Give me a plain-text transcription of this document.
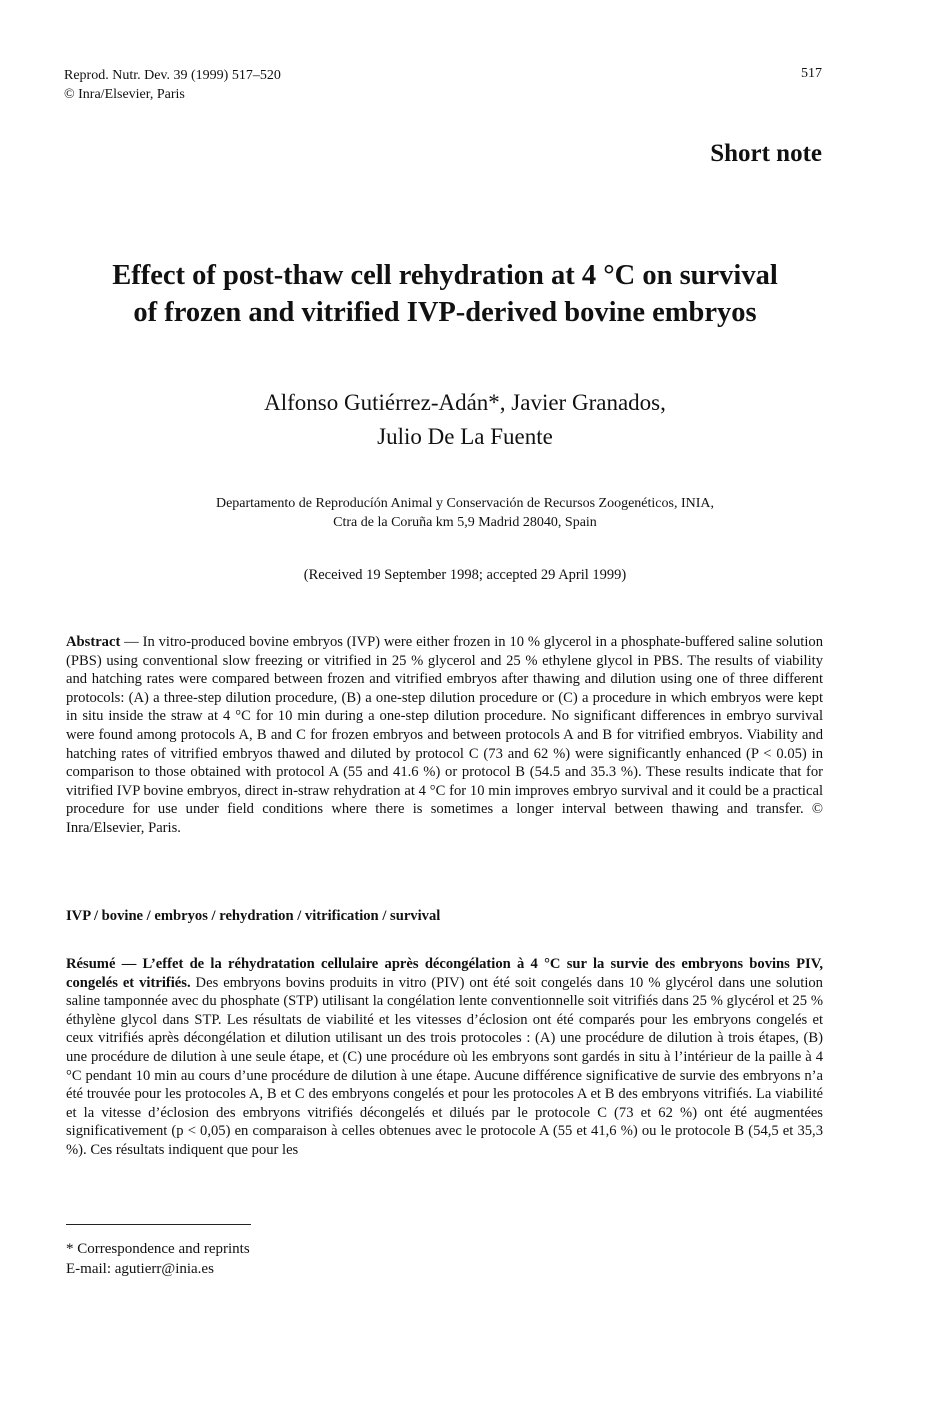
Reprod. Nutr. Dev. 39 (1999) 517–520
© Inra/Elsevier, Paris
517
Short note
Effect of post-thaw cell rehydration at 4 °C on survival
of frozen and vitrified IVP-derived bovine embryos
Alfonso Gutiérrez-Adán*, Javier Granados,
Julio De La Fuente
Departamento de Reproducíón Animal y Conservación de Recursos Zoogenéticos, INIA,
Ctra de la Coruña km 5,9 Madrid 28040, Spain
(Received 19 September 1998; accepted 29 April 1999)
Abstract — In vitro-produced bovine embryos (IVP) were either frozen in 10 % glycerol in a phosphate-buffered saline solution (PBS) using conventional slow freezing or vitrified in 25 % glycerol and 25 % ethylene glycol in PBS. The results of viability and hatching rates were compared between frozen and vitrified embryos after thawing and dilution using one of three different protocols: (A) a three-step dilution procedure, (B) a one-step dilution procedure or (C) a procedure in which embryos were kept in situ inside the straw at 4 °C for 10 min during a one-step dilution procedure. No significant differences in embryo survival were found among protocols A, B and C for frozen embryos and between protocols A and B for vitrified embryos. Viability and hatching rates of vitrified embryos thawed and diluted by protocol C (73 and 62 %) were significantly enhanced (P < 0.05) in comparison to those obtained with protocol A (55 and 41.6 %) or protocol B (54.5 and 35.3 %). These results indicate that for vitrified IVP bovine embryos, direct in-straw rehydration at 4 °C for 10 min improves embryo survival and it could be a practical procedure for use under field conditions where there is sometimes a longer interval between thawing and transfer. © Inra/Elsevier, Paris.
IVP / bovine / embryos / rehydration / vitrification / survival
Résumé — L’effet de la réhydratation cellulaire après décongélation à 4 °C sur la survie des embryons bovins PIV, congelés et vitrifiés. Des embryons bovins produits in vitro (PIV) ont été soit congelés dans 10 % glycérol dans une solution saline tamponnée avec du phosphate (STP) utilisant la congélation lente conventionnelle soit vitrifiés dans 25 % glycérol et 25 % éthylène glycol dans STP. Les résultats de viabilité et les vitesses d’éclosion ont été comparés pour les embryons congelés et ceux vitrifiés après décongélation et dilution utilisant un des trois protocoles : (A) une procédure de dilution à trois étapes, (B) une procédure de dilution à une seule étape, et (C) une procédure où les embryons sont gardés in situ à l’intérieur de la paille à 4 °C pendant 10 min au cours d’une procédure de dilution à une étape. Aucune différence significative de survie des embryons n’a été trouvée pour les protocoles A, B et C des embryons congelés et pour les protocoles A et B des embryons vitrifiés. La viabilité et la vitesse d’éclosion des embryons vitrifiés décongelés et dilués par le protocole C (73 et 62 %) ont été augmentées significativement (p < 0,05) en comparaison à celles obtenues avec le protocole A (55 et 41,6 %) ou le protocole B (54,5 et 35,3 %). Ces résultats indiquent que pour les
* Correspondence and reprints
E-mail: agutierr@inia.es
